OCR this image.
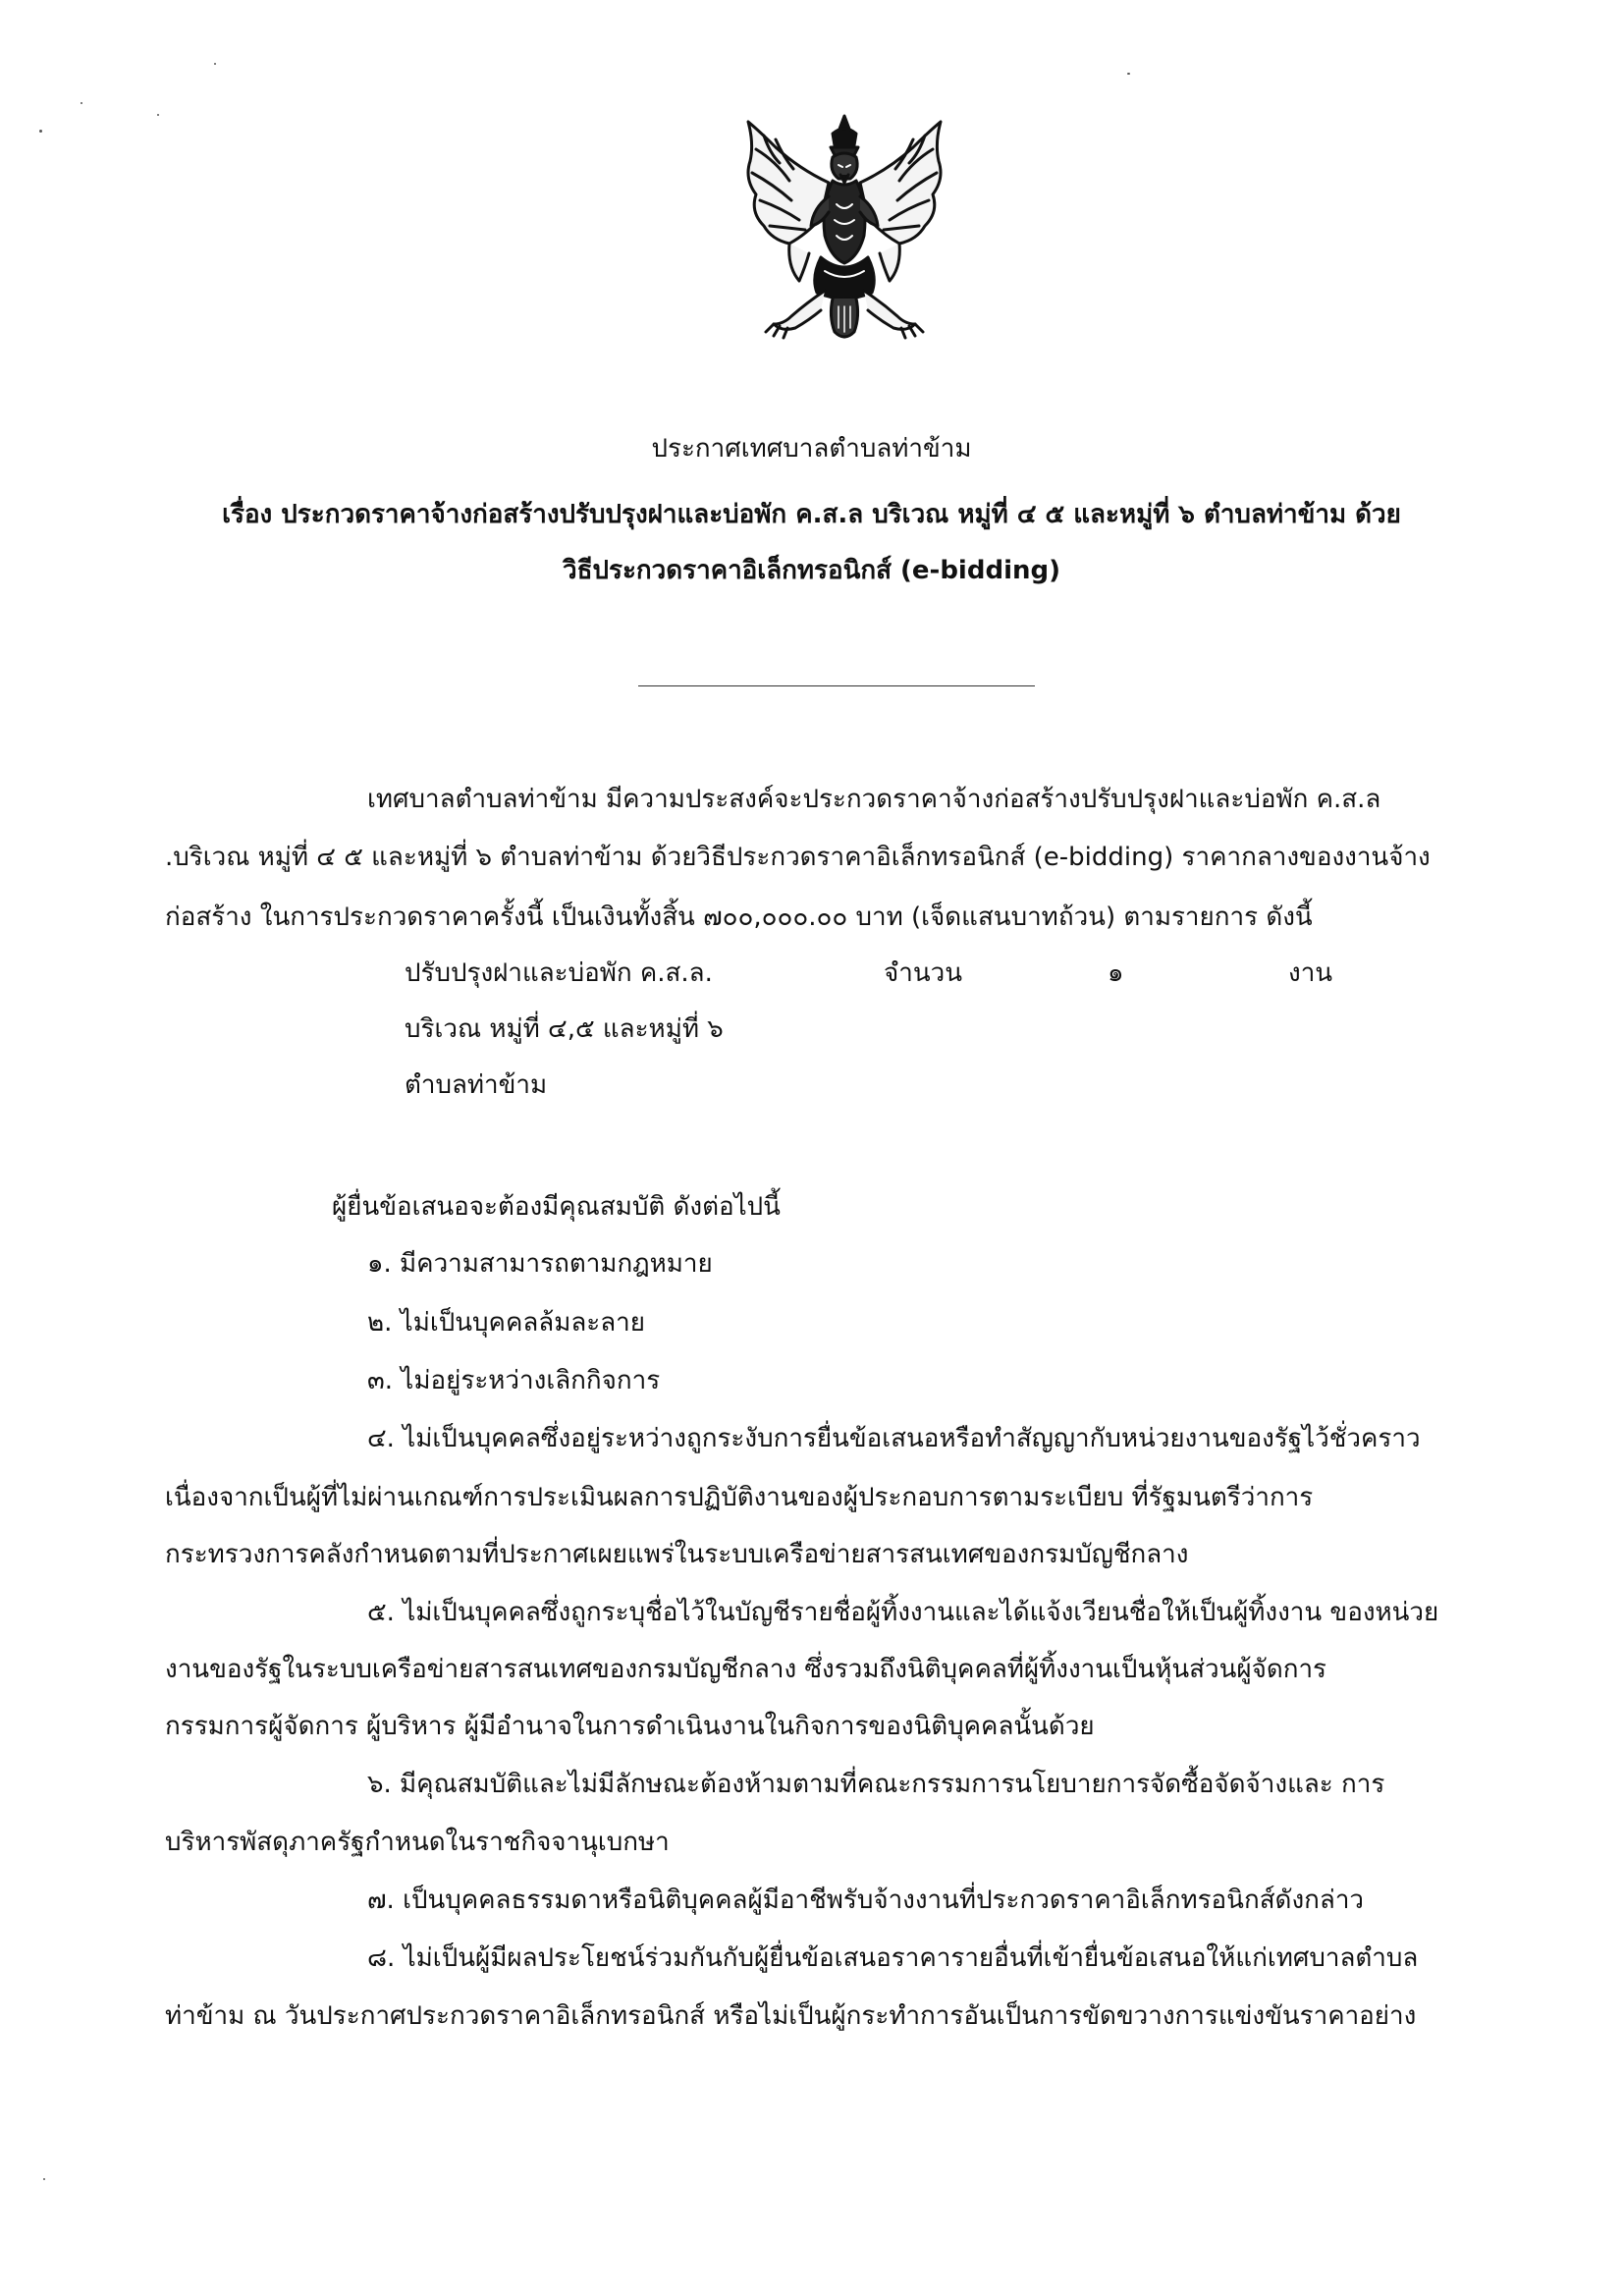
ประกาศเทศบาลตำบลท่าข้าม
เรื่อง ประกวดราคาจ้างก่อสร้างปรับปรุงฝาและบ่อพัก ค.ส.ล บริเวณ หมู่ที่ ๔ ๕ และหมู่ที่ ๖ ตำบลท่าข้าม ด้วย
วิธีประกวดราคาอิเล็กทรอนิกส์ (e-bidding)
เทศบาลตำบลท่าข้าม มีความประสงค์จะประกวดราคาจ้างก่อสร้างปรับปรุงฝาและบ่อพัก ค.ส.ล
.บริเวณ หมู่ที่ ๔ ๕ และหมู่ที่ ๖ ตำบลท่าข้าม ด้วยวิธีประกวดราคาอิเล็กทรอนิกส์ (e-bidding) ราคากลางของงานจ้าง
ก่อสร้าง ในการประกวดราคาครั้งนี้ เป็นเงินทั้งสิ้น ๗๐๐,๐๐๐.๐๐ บาท (เจ็ดแสนบาทถ้วน) ตามรายการ ดังนี้
ปรับปรุงฝาและบ่อพัก ค.ส.ล.	จำนวน	๑	งาน
บริเวณ หมู่ที่ ๔,๕ และหมู่ที่ ๖
ตำบลท่าข้าม
ผู้ยื่นข้อเสนอจะต้องมีคุณสมบัติ ดังต่อไปนี้
๑. มีความสามารถตามกฎหมาย
๒. ไม่เป็นบุคคลล้มละลาย
๓. ไม่อยู่ระหว่างเลิกกิจการ
๔. ไม่เป็นบุคคลซึ่งอยู่ระหว่างถูกระงับการยื่นข้อเสนอหรือทำสัญญากับหน่วยงานของรัฐไว้ชั่วคราว
เนื่องจากเป็นผู้ที่ไม่ผ่านเกณฑ์การประเมินผลการปฏิบัติงานของผู้ประกอบการตามระเบียบ ที่รัฐมนตรีว่าการ
กระทรวงการคลังกำหนดตามที่ประกาศเผยแพร่ในระบบเครือข่ายสารสนเทศของกรมบัญชีกลาง
๕. ไม่เป็นบุคคลซึ่งถูกระบุชื่อไว้ในบัญชีรายชื่อผู้ทิ้งงานและได้แจ้งเวียนชื่อให้เป็นผู้ทิ้งงาน ของหน่วย
งานของรัฐในระบบเครือข่ายสารสนเทศของกรมบัญชีกลาง ซึ่งรวมถึงนิติบุคคลที่ผู้ทิ้งงานเป็นหุ้นส่วนผู้จัดการ
กรรมการผู้จัดการ ผู้บริหาร ผู้มีอำนาจในการดำเนินงานในกิจการของนิติบุคคลนั้นด้วย
๖. มีคุณสมบัติและไม่มีลักษณะต้องห้ามตามที่คณะกรรมการนโยบายการจัดซื้อจัดจ้างและ การ
บริหารพัสดุภาครัฐกำหนดในราชกิจจานุเบกษา
๗. เป็นบุคคลธรรมดาหรือนิติบุคคลผู้มีอาชีพรับจ้างงานที่ประกวดราคาอิเล็กทรอนิกส์ดังกล่าว
๘. ไม่เป็นผู้มีผลประโยชน์ร่วมกันกับผู้ยื่นข้อเสนอราคารายอื่นที่เข้ายื่นข้อเสนอให้แก่เทศบาลตำบล
ท่าข้าม ณ วันประกาศประกวดราคาอิเล็กทรอนิกส์ หรือไม่เป็นผู้กระทำการอันเป็นการขัดขวางการแข่งขันราคาอย่าง
